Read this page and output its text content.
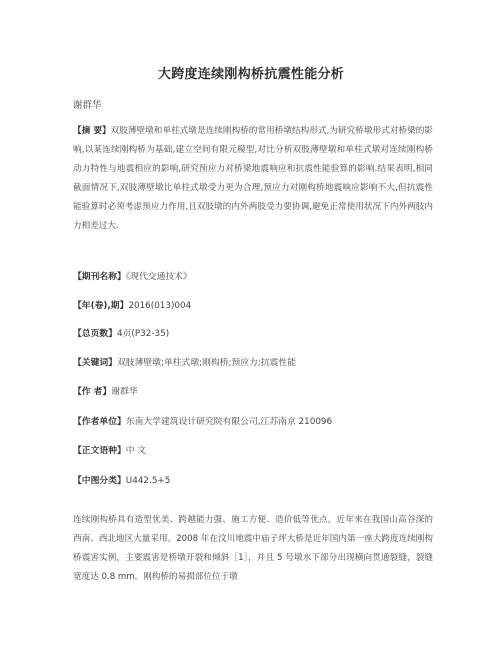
大跨度连续刚构桥抗震性能分析
谢群华
【摘 要】双肢薄壁墩和单柱式墩是连续刚构桥的常用桥墩结构形式,为研究桥墩形式对桥梁的影响,以某连续刚构桥为基础,建立空间有限元模型,对比分析双肢薄壁墩和单柱式墩对连续刚构桥动力特性与地震相应的影响,研究预应力对桥梁地震响应和抗震性能验算的影响.结果表明,相同截面情况下,双肢薄壁墩比单柱式墩受力更为合理,预应力对刚构桥地震响应影响不大,但抗震性能验算时必须考虑预应力作用,且双肢墩的内外两肢受力要协调,避免正常使用状况下内外两肢内力相差过大.
【期刊名称】《现代交通技术》
【年(卷),期】2016(013)004
【总页数】4页(P32-35)
【关键词】双肢薄壁墩;单柱式墩;刚构桥;预应力;抗震性能
【作 者】谢群华
【作者单位】东南大学建筑设计研究院有限公司,江苏南京 210096
【正文语种】中 文
【中图分类】U442.5+5
连续刚构桥具有造型优美、跨越能力强、施工方便、造价低等优点，近年来在我国山高谷深的西南、西北地区大量采用。2008 年在汶川地震中庙子坪大桥是近年国内第一座大跨度连续刚构桥震害实例，主要震害是桥墩开裂和倾斜［1］，并且 5 号墩水下部分出现横向贯通裂缝，裂缝宽度达 0.8 mm。刚构桥的易损部位位于墩
